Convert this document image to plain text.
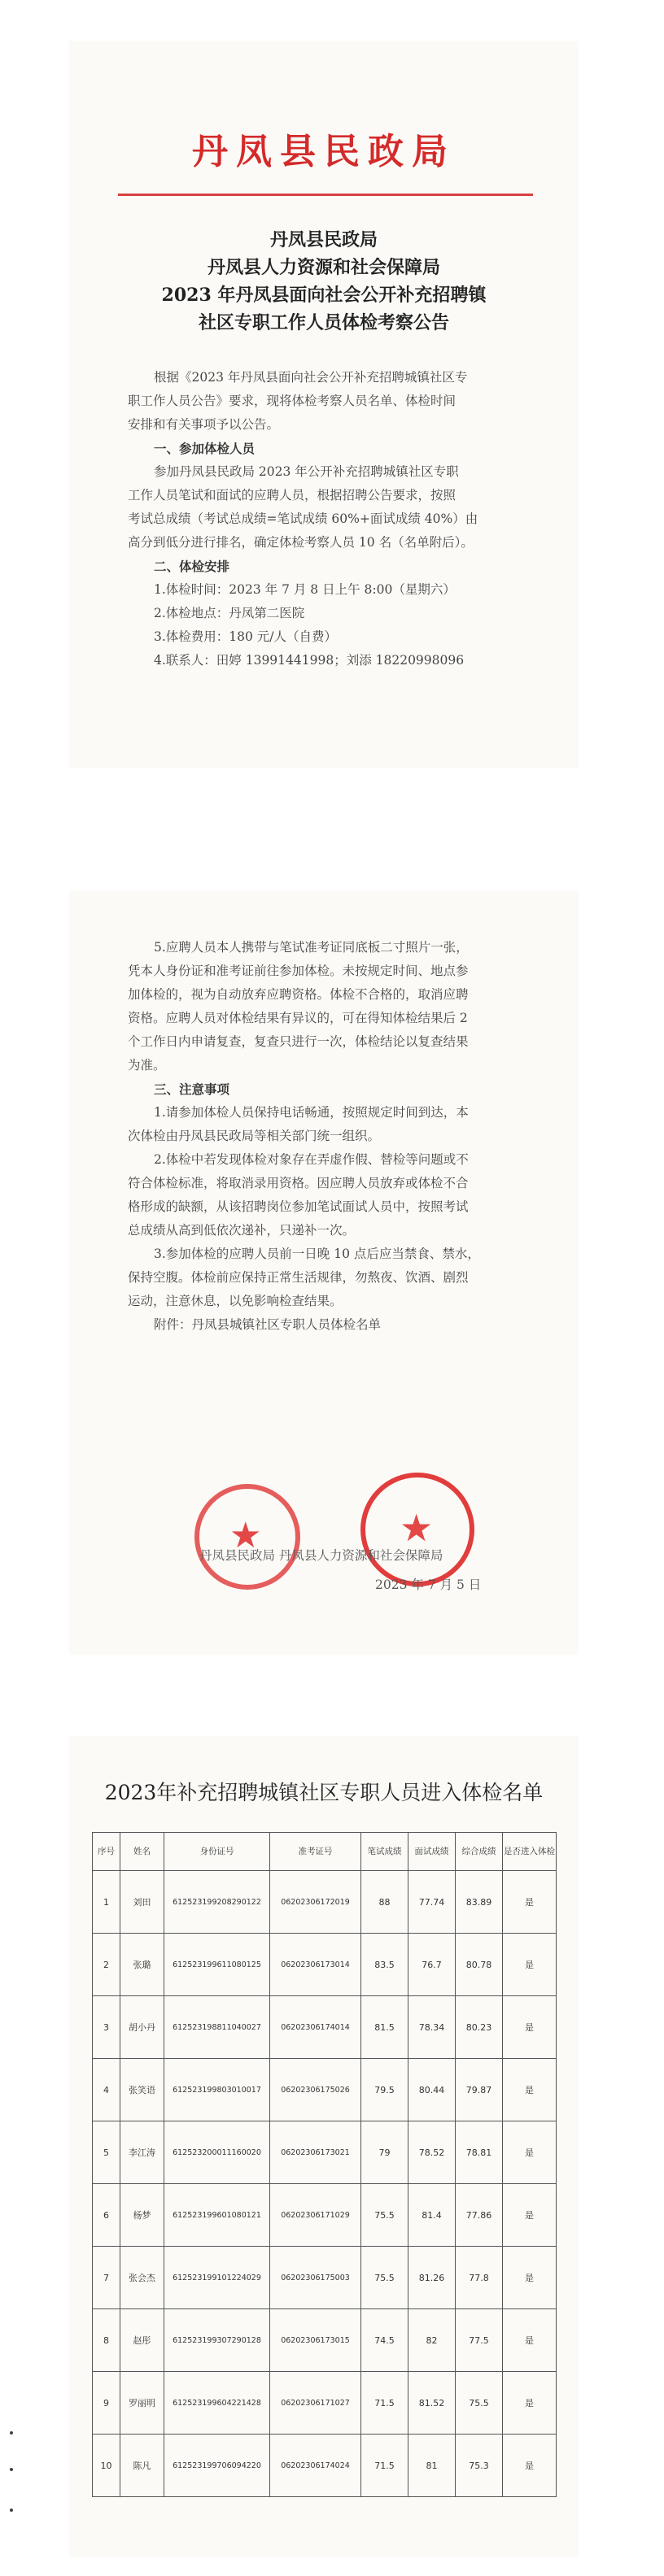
丹凤县民政局
丹凤县民政局
丹凤县人力资源和社会保障局
2023 年丹凤县面向社会公开补充招聘镇
社区专职工作人员体检考察公告
根据《2023 年丹凤县面向社会公开补充招聘城镇社区专
职工作人员公告》要求，现将体检考察人员名单、体检时间
安排和有关事项予以公告。
一、参加体检人员
参加丹凤县民政局 2023 年公开补充招聘城镇社区专职
工作人员笔试和面试的应聘人员，根据招聘公告要求，按照
考试总成绩（考试总成绩=笔试成绩 60%+面试成绩 40%）由
高分到低分进行排名，确定体检考察人员 10 名（名单附后）。
二、体检安排
1.体检时间：2023 年 7 月 8 日上午 8:00（星期六）
2.体检地点：丹凤第二医院
3.体检费用：180 元/人（自费）
4.联系人：田婷 13991441998；刘添 18220998096
5.应聘人员本人携带与笔试准考证同底板二寸照片一张，
凭本人身份证和准考证前往参加体检。未按规定时间、地点参
加体检的，视为自动放弃应聘资格。体检不合格的，取消应聘
资格。应聘人员对体检结果有异议的，可在得知体检结果后 2
个工作日内申请复查，复查只进行一次，体检结论以复查结果
为准。
三、注意事项
1.请参加体检人员保持电话畅通，按照规定时间到达，本
次体检由丹凤县民政局等相关部门统一组织。
2.体检中若发现体检对象存在弄虚作假、替检等问题或不
符合体检标准，将取消录用资格。因应聘人员放弃或体检不合
格形成的缺额，从该招聘岗位参加笔试面试人员中，按照考试
总成绩从高到低依次递补，只递补一次。
3.参加体检的应聘人员前一日晚 10 点后应当禁食、禁水，
保持空腹。体检前应保持正常生活规律，勿熬夜、饮酒、剧烈
运动，注意休息，以免影响检查结果。
附件：丹凤县城镇社区专职人员体检名单
★	★
丹凤县民政局 丹凤县人力资源和社会保障局
2023 年 7 月 5 日
2023年补充招聘城镇社区专职人员进入体检名单
序号	姓名	身份证号	准考证号	笔试成绩	面试成绩	综合成绩	是否进入体检
1	刘田	612523199208290122	06202306172019	88	77.74	83.89	是
2	张璐	612523199611080125	06202306173014	83.5	76.7	80.78	是
3	胡小丹	612523198811040027	06202306174014	81.5	78.34	80.23	是
4	张笑语	612523199803010017	06202306175026	79.5	80.44	79.87	是
5	李江涛	612523200011160020	06202306173021	79	78.52	78.81	是
6	杨梦	612523199601080121	06202306171029	75.5	81.4	77.86	是
7	张会杰	612523199101224029	06202306175003	75.5	81.26	77.8	是
8	赵彤	612523199307290128	06202306173015	74.5	82	77.5	是
9	罗丽明	612523199604221428	06202306171027	71.5	81.52	75.5	是
10	陈凡	612523199706094220	06202306174024	71.5	81	75.3	是
